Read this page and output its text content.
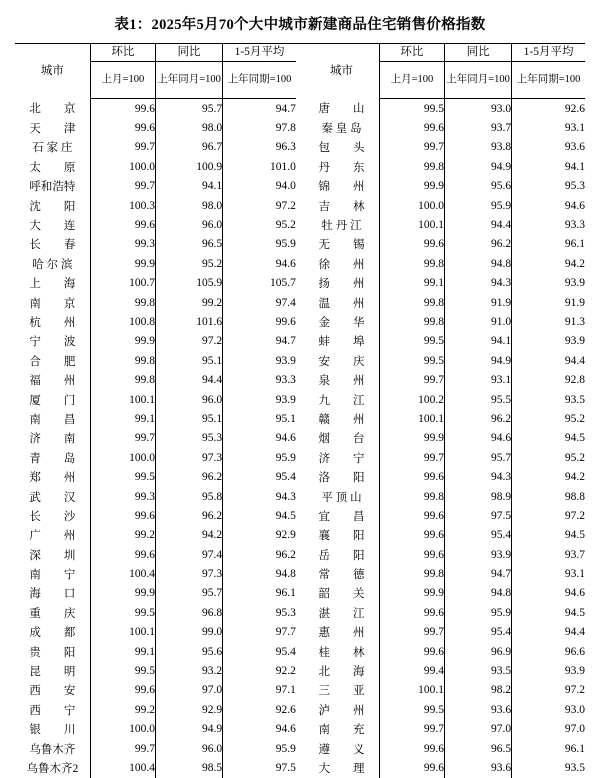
表1：2025年5月70个大中城市新建商品住宅销售价格指数
城市	环比	同比	1-5月平均		城市	环比	同比	1-5月平均
	上月=100	上年同月=100	上年同期=100			上月=100	上年同月=100	上年同期=100
北　　京	99.6	95.7	94.7		唐　　山	99.5	93.0	92.6
天　　津	99.6	98.0	97.8		秦 皇 岛	99.6	93.7	93.1
石 家 庄	99.7	96.7	96.3		包　　头	99.7	93.8	93.6
太　　原	100.0	100.9	101.0		丹　　东	99.8	94.9	94.1
呼和浩特	99.7	94.1	94.0		锦　　州	99.9	95.6	95.3
沈　　阳	100.3	98.0	97.2		吉　　林	100.0	95.9	94.6
大　　连	99.6	96.0	95.2		牡 丹 江	100.1	94.4	93.3
长　　春	99.3	96.5	95.9		无　　锡	99.6	96.2	96.1
哈 尔 滨	99.9	95.2	94.6		徐　　州	99.8	94.8	94.2
上　　海	100.7	105.9	105.7		扬　　州	99.1	94.3	93.9
南　　京	99.8	99.2	97.4		温　　州	99.8	91.9	91.9
杭　　州	100.8	101.6	99.6		金　　华	99.8	91.0	91.3
宁　　波	99.9	97.2	94.7		蚌　　埠	99.5	94.1	93.9
合　　肥	99.8	95.1	93.9		安　　庆	99.5	94.9	94.4
福　　州	99.8	94.4	93.3		泉　　州	99.7	93.1	92.8
厦　　门	100.1	96.0	93.9		九　　江	100.2	95.5	93.5
南　　昌	99.1	95.1	95.1		赣　　州	100.1	96.2	95.2
济　　南	99.7	95.3	94.6		烟　　台	99.9	94.6	94.5
青　　岛	100.0	97.3	95.9		济　　宁	99.7	95.7	95.2
郑　　州	99.5	96.2	95.4		洛　　阳	99.6	94.3	94.2
武　　汉	99.3	95.8	94.3		平 顶 山	99.8	98.9	98.8
长　　沙	99.6	96.2	94.5		宜　　昌	99.6	97.5	97.2
广　　州	99.2	94.2	92.9		襄　　阳	99.6	95.4	94.5
深　　圳	99.6	97.4	96.2		岳　　阳	99.6	93.9	93.7
南　　宁	100.4	97.3	94.8		常　　德	99.8	94.7	93.1
海　　口	99.9	95.7	96.1		韶　　关	99.9	94.8	94.6
重　　庆	99.5	96.8	95.3		湛　　江	99.6	95.9	94.5
成　　都	100.1	99.0	97.7		惠　　州	99.7	95.4	94.4
贵　　阳	99.1	95.6	95.4		桂　　林	99.6	96.9	96.6
昆　　明	99.5	93.2	92.2		北　　海	99.4	93.5	93.9
西　　安	99.6	97.0	97.1		三　　亚	100.1	98.2	97.2
西　　宁	99.2	92.9	92.6		泸　　州	99.5	93.6	93.0
银　　川	100.0	94.9	94.6		南　　充	99.7	97.0	97.0
乌鲁木齐	99.7	96.0	95.9		遵　　义	99.6	96.5	96.1
乌鲁木齐2	100.4	98.5	97.5		大　　理	99.6	93.6	93.5
